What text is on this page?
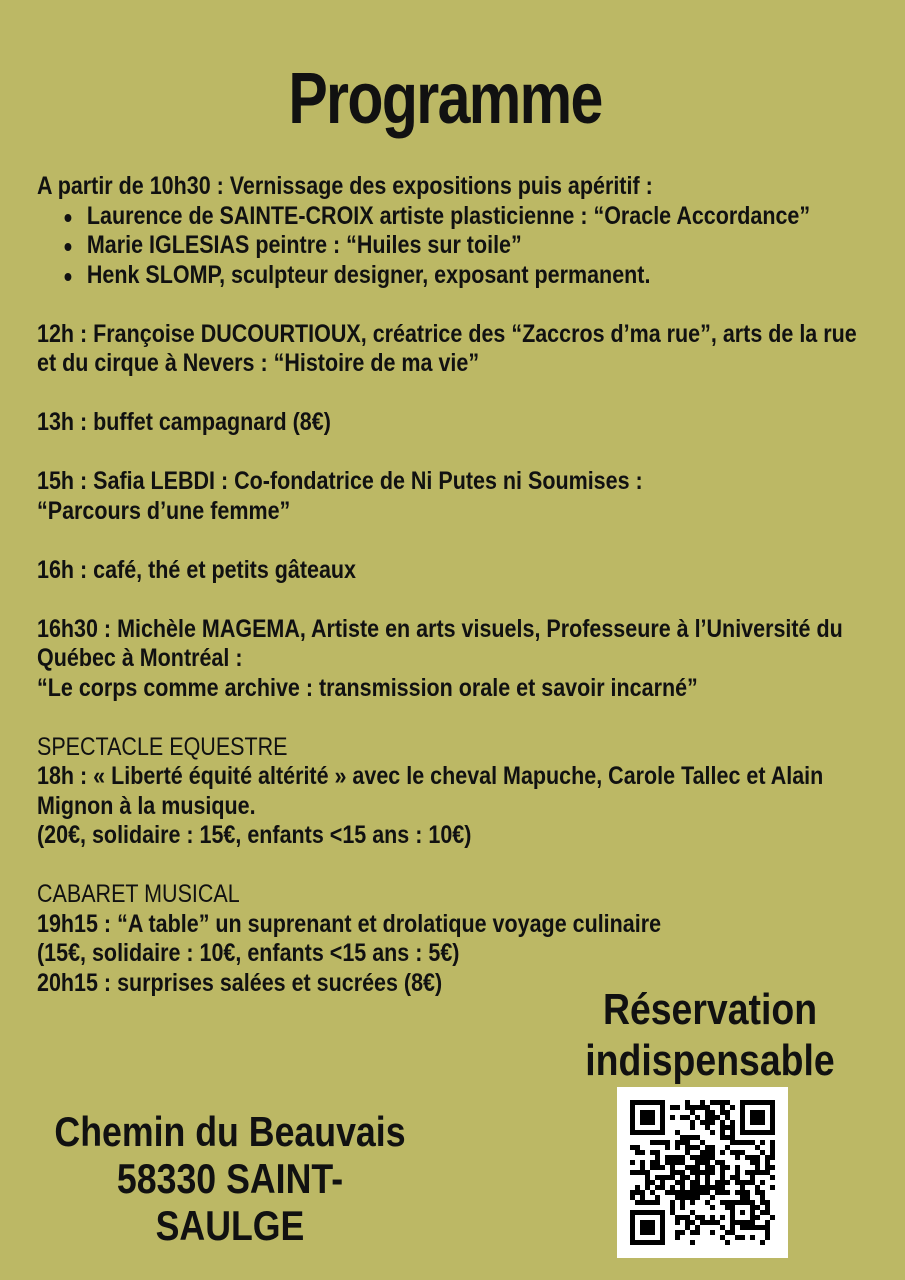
Programme

A partir de 10h30 : Vernissage des expositions puis apéritif :

Laurence de SAINTE-CROIX artiste plasticienne : “Oracle Accordance”
Marie IGLESIAS peintre : “Huiles sur toile”
Henk SLOMP, sculpteur designer, exposant permanent.

12h : Françoise DUCOURTIOUX, créatrice des “Zaccros d’ma rue”, arts de la rue et du cirque à Nevers : “Histoire de ma vie”

13h : buffet campagnard (8€)

15h : Safia LEBDI : Co-fondatrice de Ni Putes ni Soumises :

“Parcours d’une femme”

16h : café, thé et petits gâteaux

16h30 : Michèle MAGEMA, Artiste en arts visuels, Professeure à l’Université du Québec à Montréal :

“Le corps comme archive : transmission orale et savoir incarné”

SPECTACLE EQUESTRE

18h : « Liberté équité altérité » avec le cheval Mapuche, Carole Tallec et Alain Mignon à la musique.

(20€, solidaire : 15€, enfants <15 ans : 10€)

CABARET MUSICAL

19h15 : “A table” un suprenant et drolatique voyage culinaire

(15€, solidaire : 10€, enfants <15 ans : 5€)

20h15 : surprises salées et sucrées (8€)

Réservation
indispensable
Chemin du Beauvais
58330 SAINT-SAULGE
